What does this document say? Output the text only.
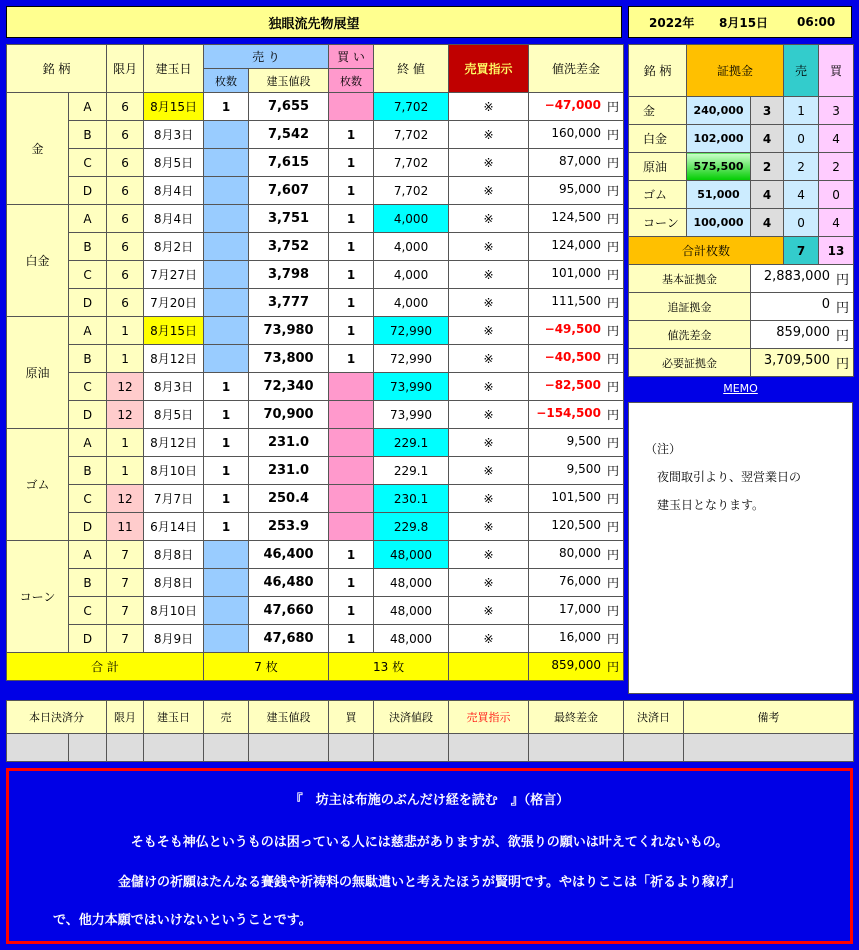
独眼流先物展望	2022年 8月15日 06:00
銘 柄		限月	建玉日	売 り		買 い	終 値	売買指示	値洗差金
				枚数	建玉値段	枚数			
金	A	6	8月15日	1	7,655		7,702	※	−47,000 円

	B	6	8月3日		7,542	1	7,702	※	160,000 円

	C	6	8月5日		7,615	1	7,702	※	87,000 円

	D	6	8月4日		7,607	1	7,702	※	95,000 円

白金	A	6	8月4日		3,751	1	4,000	※	124,500 円

	B	6	8月2日		3,752	1	4,000	※	124,000 円

	C	6	7月27日		3,798	1	4,000	※	101,000 円

	D	6	7月20日		3,777	1	4,000	※	111,500 円

原油	A	1	8月15日		73,980	1	72,990	※	−49,500 円

	B	1	8月12日		73,800	1	72,990	※	−40,500 円

	C	12	8月3日	1	72,340		73,990	※	−82,500 円

	D	12	8月5日	1	70,900		73,990	※	−154,500 円

ゴム	A	1	8月12日	1	231.0		229.1	※	9,500 円

	B	1	8月10日	1	231.0		229.1	※	9,500 円

	C	12	7月7日	1	250.4		230.1	※	101,500 円

	D	11	6月14日	1	253.9		229.8	※	120,500 円

コーン	A	7	8月8日		46,400	1	48,000	※	80,000 円

	B	7	8月8日		46,480	1	48,000	※	76,000 円

	C	7	8月10日		47,660	1	48,000	※	17,000 円

	D	7	8月9日		47,680	1	48,000	※	16,000 円

合 計				7 枚		13 枚			859,000 円
銘 柄	証拠金		売	買
金	240,000	3	1	3
白金	102,000	4	0	4
原油	575,500	2	2	2
ゴム	51,000	4	4	0
コーン	100,000	4	0	4
合計枚数			7	13
基本証拠金		2,883,000 円		

追証拠金		0 円		

値洗差金		859,000 円		

必要証拠金		3,709,500 円		
MEMO

（注）

夜間取引より、翌営業日の

建玉日となります。

本日決済分		限月	建玉日	売	建玉値段	買	決済値段	売買指示	最終差金	決済日	備考

『　坊主は布施のぶんだけ経を読む　』（格言）

そもそも神仏というものは困っている人には慈悲がありますが、欲張りの願いは叶えてくれないもの。

金儲けの祈願はたんなる賽銭や祈祷料の無駄遣いと考えたほうが賢明です。やはりここは「祈るより稼げ」

で、他力本願ではいけないということです。
